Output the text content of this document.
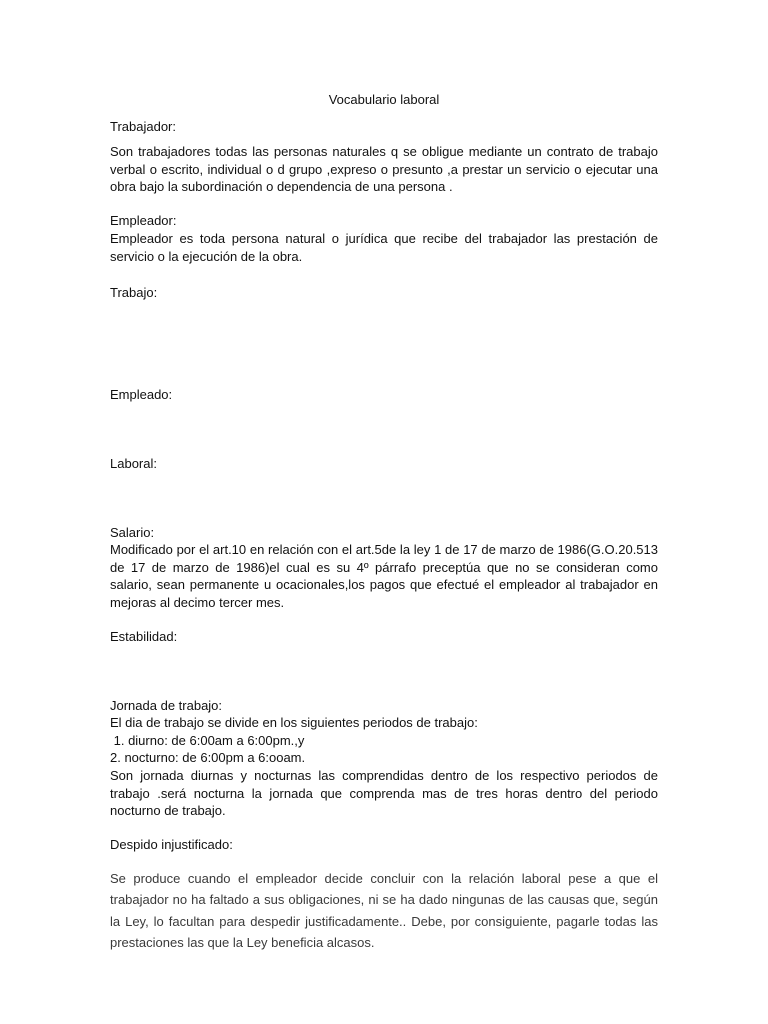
Vocabulario laboral

Trabajador:

Son trabajadores todas las personas naturales q se obligue mediante un contrato de trabajo verbal o escrito, individual o d grupo ,expreso o presunto ,a prestar un servicio o ejecutar una obra bajo la subordinación o dependencia de una persona .

Empleador:

Empleador es toda persona natural o jurídica que recibe del trabajador las prestación de servicio o la ejecución de la obra.

Trabajo:

Empleado:

Laboral:

Salario:

Modificado por el art.10 en relación con el art.5de la ley 1 de 17 de marzo de 1986(G.O.20.513 de 17 de marzo de 1986)el cual es su 4º párrafo preceptúa que no se consideran como salario, sean permanente u ocacionales,los pagos que efectué el empleador al trabajador en mejoras al decimo tercer mes.

Estabilidad:

Jornada de trabajo:

El dia de trabajo se divide en los siguientes periodos de trabajo:

1. diurno: de 6:00am a 6:00pm.,y

2. nocturno: de 6:00pm a 6:ooam.

Son jornada diurnas y nocturnas las comprendidas dentro de los respectivo periodos de trabajo .será nocturna la jornada que comprenda mas de tres horas dentro del periodo nocturno de trabajo.

Despido injustificado:

Se produce cuando el empleador decide concluir con la relación laboral pese a que el trabajador no ha faltado a sus obligaciones, ni se ha dado ningunas de las causas que, según la Ley, lo facultan para despedir justificadamente.. Debe, por consiguiente, pagarle todas las prestaciones las que la Ley beneficia alcasos.
